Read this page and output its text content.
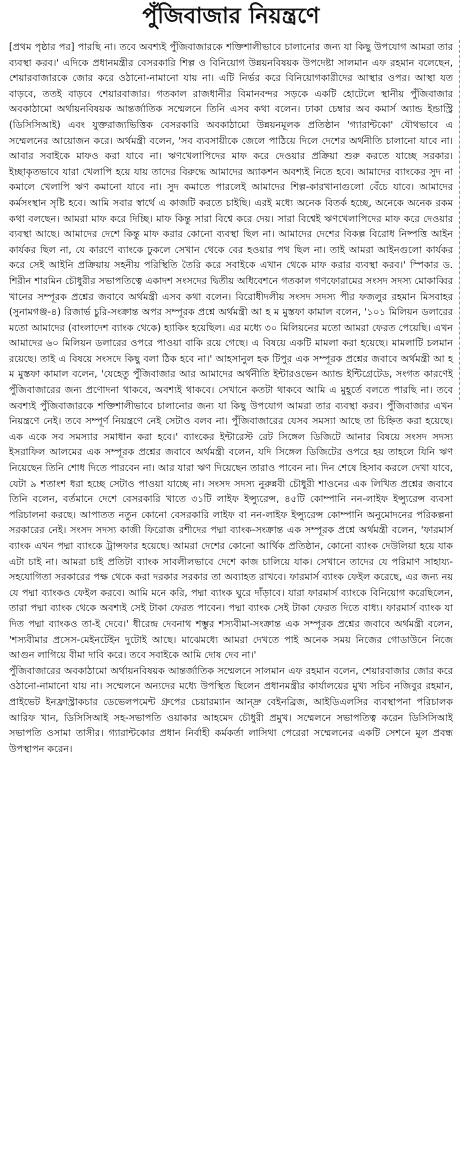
পুঁজিবাজার নিয়ন্ত্রণে

[প্রথম পৃষ্ঠার পর] পারছি না। তবে অবশ্যই পুঁজিবাজারকে শক্তিশালীভাবে চালানোর জন্য যা কিছু উপযোগ আমরা তার ব্যবস্থা করব।' এদিকে প্রধানমন্ত্রীর বেসরকারি শিল্প ও বিনিয়োগ উন্নয়নবিষয়ক উপদেষ্টা সালমান এফ রহমান বলেছেন, শেয়ারবাজারকে জোর করে ওঠানো-নামানো যায় না। এটি নির্ভর করে বিনিয়োগকারীদের আস্থার ওপর। আস্থা যত বাড়বে, ততই বাড়বে শেয়ারবাজার। গতকাল রাজধানীর বিমানবন্দর সড়কে একটি হোটেলে স্থানীয় পুঁজিবাজার অবকাঠামো অর্থায়নবিষয়ক আন্তর্জাতিক সম্মেলনে তিনি এসব কথা বলেন। ঢাকা চেম্বার অব কমার্স অ্যান্ড ইন্ডাস্ট্রি (ডিসিসিআই) এবং যুক্তরাজ্যভিত্তিক বেসরকারি অবকাঠামো উন্নয়নমূলক প্রতিষ্ঠান 'গ্যারান্টকো' যৌথভাবে এ সম্মেলনের আয়োজন করে। অর্থমন্ত্রী বলেন, 'সব ব্যবসায়ীকে জেলে পাঠিয়ে দিলে দেশের অর্থনীতি চালানো যাবে না। আবার সবাইকে মাফও করা যাবে না। ঋণখেলাপিদের মাফ করে দেওয়ার প্রক্রিয়া শুরু করতে যাচ্ছে সরকার। ইচ্ছাকৃতভাবে যারা খেলাপি হয়ে যায় তাদের বিরুদ্ধে আমাদের অ্যাকশন অবশ্যই নিতে হবে। আমাদের ব্যাংকের সুদ না কমালে খেলাপি ঋণ কমানো যাবে না। সুদ কমাতে পারলেই আমাদের শিল্প-কারখানাগুলো বেঁচে যাবে। আমাদের কর্মসংস্থান সৃষ্টি হবে। আমি সবার স্বার্থে এ কাজটি করতে চাইছি। এরই মধ্যে অনেক বিতর্ক হচ্ছে, অনেকে অনেক রকম কথা বলছেন। আমরা মাফ করে দিচ্ছি। মাফ কিন্তু সারা বিশ্বে করে দেয়। সারা বিশ্বেই ঋণখেলাপিদের মাফ করে দেওয়ার ব্যবস্থা আছে। আমাদের দেশে কিন্তু মাফ করার কোনো ব্যবস্থা ছিল না। আমাদের দেশের বিকল্প বিরোধ নিষ্পত্তি আইন কার্যকর ছিল না, যে কারণে ব্যাংকে ঢুকলে সেখান থেকে বের হওয়ার পথ ছিল না। তাই আমরা আইনগুলো কার্যকর করে সেই আইনি প্রক্রিয়ায় সহনীয় পরিস্থিতি তৈরি করে সবাইকে এখান থেকে মাফ করার ব্যবস্থা করব।' স্পিকার ড. শিরীন শারমিন চৌধুরীর সভাপতিত্বে একাদশ সংসদের দ্বিতীয় অধিবেশনে গতকাল গণফোরামের সংসদ সদস্য মোকাব্বির খানের সম্পূরক প্রশ্নের জবাবে অর্থমন্ত্রী এসব কথা বলেন। বিরোধীদলীয় সংসদ সদস্য পীর ফজলুর রহমান মিসবাহর (সুনামগঞ্জ-৪) রিজার্ভ চুরি-সংক্রান্ত অপর সম্পূরক প্রশ্নে অর্থমন্ত্রী আ হ ম মুস্তফা কামাল বলেন, '১০১ মিলিয়ন ডলারের মতো আমাদের (বাংলাদেশ ব্যাংক থেকে) হ্যাকিং হয়েছিল। এর মধ্যে ৩০ মিলিয়নের মতো আমরা ফেরত পেয়েছি। এখন আমাদের ৬০ মিলিয়ন ডলারের ওপরে পাওয়া বাকি রয়ে গেছে। এ বিষয়ে একটি মামলা করা হয়েছে। মামলাটি চলমান রয়েছে। তাই এ বিষয়ে সংসদে কিছু বলা ঠিক হবে না।' আহসানুল হক টিপুর এক সম্পূরক প্রশ্নের জবাবে অর্থমন্ত্রী আ হ ম মুস্তফা কামাল বলেন, 'যেহেতু পুঁজিবাজার আর আমাদের অর্থনীতি ইন্টারওভেন অ্যান্ড ইন্টিগ্রেটেড, সংগত কারণেই পুঁজিবাজারের জন্য প্রণোদনা থাকবে, অবশ্যই থাকবে। সেখানে কতটা থাকবে আমি এ মুহূর্তে বলতে পারছি না। তবে অবশ্যই পুঁজিবাজারকে শক্তিশালীভাবে চালানোর জন্য যা কিছু উপযোগ আমরা তার ব্যবস্থা করব। পুঁজিবাজার এখন নিয়ন্ত্রণে নেই। তবে সম্পূর্ণ নিয়ন্ত্রণে নেই সেটাও বলব না। পুঁজিবাজারের যেসব সমস্যা আছে তা চিহ্নিত করা হয়েছে। এক একে সব সমস্যার সমাধান করা হবে।' ব্যাংকের ইন্টারেস্ট রেট সিঙ্গেল ডিজিটে আনার বিষয়ে সংসদ সদস্য ইসরাফিল আলমের এক সম্পূরক প্রশ্নের জবাবে অর্থমন্ত্রী বলেন, যদি সিঙ্গেল ডিজিটের ওপরে হয় তাহলে যিনি ঋণ নিয়েছেন তিনি শোধ দিতে পারবেন না। আর যারা ঋণ দিয়েছেন তারাও পাবেন না। দিন শেষে হিসাব করলে দেখা যাবে, যেটা ৯ শতাংশ ধরা হচ্ছে সেটাও পাওয়া যাচ্ছে না। সংসদ সদস্য নুরুন্নবী চৌধুরী শাওনের এক লিখিত প্রশ্নের জবাবে তিনি বলেন, বর্তমানে দেশে বেসরকারি খাতে ৩১টি লাইফ ইন্স্যুরেন্স, ৪৫টি কোম্পানি নন-লাইফ ইন্স্যুরেন্স ব্যবসা পরিচালনা করছে। আপাতত নতুন কোনো বেসরকারি লাইফ বা নন-লাইফ ইন্স্যুরেন্স কোম্পানি অনুমোদনের পরিকল্পনা সরকারের নেই। সংসদ সদস্য কাজী ফিরোজ রশীদের পদ্মা ব্যাংক-সংক্রান্ত এক সম্পূরক প্রশ্নে অর্থমন্ত্রী বলেন, 'ফারমার্স ব্যাংক এখন পদ্মা ব্যাংকে ট্রান্সফার হয়েছে। আমরা দেশের কোনো আর্থিক প্রতিষ্ঠান, কোনো ব্যাংক দেউলিয়া হয়ে যাক এটা চাই না। আমরা চাই প্রতিটা ব্যাংক সাবলীলভাবে দেশে কাজ চালিয়ে যাক। সেখানে তাদের যে পরিমাণ সাহায্য-সহযোগিতা সরকারের পক্ষ থেকে করা দরকার সরকার তা অব্যাহত রাখবে। ফারমার্স ব্যাংক ফেইল করেছে, এর জন্য নয় যে পদ্মা ব্যাংকও ফেইল করবে। আমি মনে করি, পদ্মা ব্যাংক ঘুরে দাঁড়াবে। যারা ফারমার্স ব্যাংকে বিনিয়োগ করেছিলেন, তারা পদ্মা ব্যাংক থেকে অবশ্যই সেই টাকা ফেরত পাবেন। পদ্মা ব্যাংক সেই টাকা ফেরত দিতে বাধ্য। ফারমার্স ব্যাংক যা দিত পদ্মা ব্যাংকও তা-ই দেবে।' ধীরেন্দ্র দেবনাথ শম্ভুর শস্যবীমা-সংক্রান্ত এক সম্পূরক প্রশ্নের জবাবে অর্থমন্ত্রী বলেন, 'শস্যবীমার প্রসেস-মেইনটেইন দুটোই আছে। মাঝেমধ্যে আমরা দেখতে পাই অনেক সময় নিজের গোডাউনে নিজে আগুন লাগিয়ে বীমা দাবি করে। তবে সবাইকে আমি দোষ দেব না।'

পুঁজিবাজারের অবকাঠামো অর্থায়নবিষয়ক আন্তর্জাতিক সম্মেলনে সালমান এফ রহমান বলেন, শেয়ারবাজার জোর করে ওঠানো-নামানো যায় না। সম্মেলনে অন্যদের মধ্যে উপস্থিত ছিলেন প্রধানমন্ত্রীর কার্যালয়ের মুখ্য সচিব নজিবুর রহমান, প্রাইভেট ইনফ্রাস্ট্রাকচার ডেভেলপমেন্ট গ্রুপের চেয়ারম্যান আন্দ্রু বেইনব্রিজ, আইডিএলসির ব্যবস্থাপনা পরিচালক আরিফ খান, ডিসিসিআই সহ-সভাপতি ওয়াকার আহমেদ চৌধুরী প্রমুখ। সম্মেলনে সভাপতিত্ব করেন ডিসিসিআই সভাপতি ওসামা তাসীর। গ্যারান্টকোর প্রধান নির্বাহী কর্মকর্তা লাসিথা পেরেরা সম্মেলনের একটি সেশনে মূল প্রবন্ধ উপস্থাপন করেন।
